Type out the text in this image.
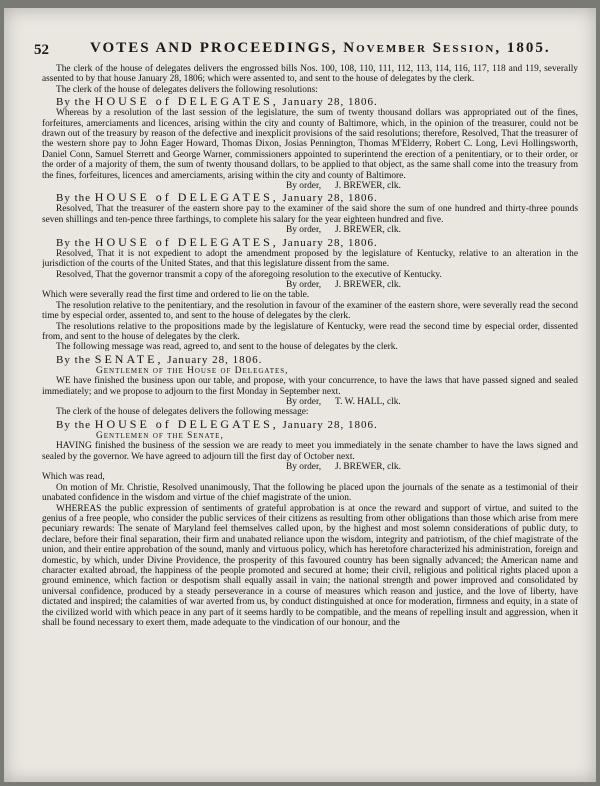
52	VOTES AND PROCEEDINGS, November Session, 1805.

The clerk of the house of delegates delivers the engrossed bills Nos. 100, 108, 110, 111, 112, 113, 114, 116, 117, 118 and 119, severally assented to by that house January 28, 1806; which were assented to, and sent to the house of delegates by the clerk.

The clerk of the house of delegates delivers the following resolutions:

By the HOUSE of DELEGATES, January 28, 1806.

Whereas by a resolution of the last session of the legislature, the sum of twenty thousand dollars was appropriated out of the fines, forfeitures, amerciaments and licences, arising within the city and county of Baltimore, which, in the opinion of the treasurer, could not be drawn out of the treasury by reason of the defective and inexplicit provisions of the said resolutions; therefore, Resolved, That the treasurer of the western shore pay to John Eager Howard, Thomas Dixon, Josias Pennington, Thomas M'Elderry, Robert C. Long, Levi Hollingsworth, Daniel Conn, Samuel Sterrett and George Warner, commissioners appointed to superintend the erection of a penitentiary, or to their order, or the order of a majority of them, the sum of twenty thousand dollars, to be applied to that object, as the same shall come into the treasury from the fines, forfeitures, licences and amerciaments, arising within the city and county of Baltimore.

By order, J. BREWER, clk.

By the HOUSE of DELEGATES, January 28, 1806.

Resolved, That the treasurer of the eastern shore pay to the examiner of the said shore the sum of one hundred and thirty-three pounds seven shillings and ten-pence three farthings, to complete his salary for the year eighteen hundred and five.

By order, J. BREWER, clk.

By the HOUSE of DELEGATES, January 28, 1806.

Resolved, That it is not expedient to adopt the amendment proposed by the legislature of Kentucky, relative to an alteration in the jurisdiction of the courts of the United States, and that this legislature dissent from the same.

Resolved, That the governor transmit a copy of the aforegoing resolution to the executive of Kentucky.

By order, J. BREWER, clk.

Which were severally read the first time and ordered to lie on the table.

The resolution relative to the penitentiary, and the resolution in favour of the examiner of the eastern shore, were severally read the second time by especial order, assented to, and sent to the house of delegates by the clerk.

The resolutions relative to the propositions made by the legislature of Kentucky, were read the second time by especial order, dissented from, and sent to the house of delegates by the clerk.

The following message was read, agreed to, and sent to the house of delegates by the clerk.

By the SENATE, January 28, 1806.

Gentlemen of the House of Delegates,

WE have finished the business upon our table, and propose, with your concurrence, to have the laws that have passed signed and sealed immediately; and we propose to adjourn to the first Monday in September next.

By order, T. W. HALL, clk.

The clerk of the house of delegates delivers the following message:

By the HOUSE of DELEGATES, January 28, 1806.

Gentlemen of the Senate,

HAVING finished the business of the session we are ready to meet you immediately in the senate chamber to have the laws signed and sealed by the governor. We have agreed to adjourn till the first day of October next.

By order, J. BREWER, clk.

Which was read,

On motion of Mr. Christie, Resolved unanimously, That the following be placed upon the journals of the senate as a testimonial of their unabated confidence in the wisdom and virtue of the chief magistrate of the union.

WHEREAS the public expression of sentiments of grateful approbation is at once the reward and support of virtue, and suited to the genius of a free people, who consider the public services of their citizens as resulting from other obligations than those which arise from mere pecuniary rewards: The senate of Maryland feel themselves called upon, by the highest and most solemn considerations of public duty, to declare, before their final separation, their firm and unabated reliance upon the wisdom, integrity and patriotism, of the chief magistrate of the union, and their entire approbation of the sound, manly and virtuous policy, which has heretofore characterized his administration, foreign and domestic, by which, under Divine Providence, the prosperity of this favoured country has been signally advanced; the American name and character exalted abroad, the happiness of the people promoted and secured at home; their civil, religious and political rights placed upon a ground eminence, which faction or despotism shall equally assail in vain; the national strength and power improved and consolidated by universal confidence, produced by a steady perseverance in a course of measures which reason and justice, and the love of liberty, have dictated and inspired; the calamities of war averted from us, by conduct distinguished at once for moderation, firmness and equity, in a state of the civilized world with which peace in any part of it seems hardly to be compatible, and the means of repelling insult and aggression, when it shall be found necessary to exert them, made adequate to the vindication of our honour, and the
